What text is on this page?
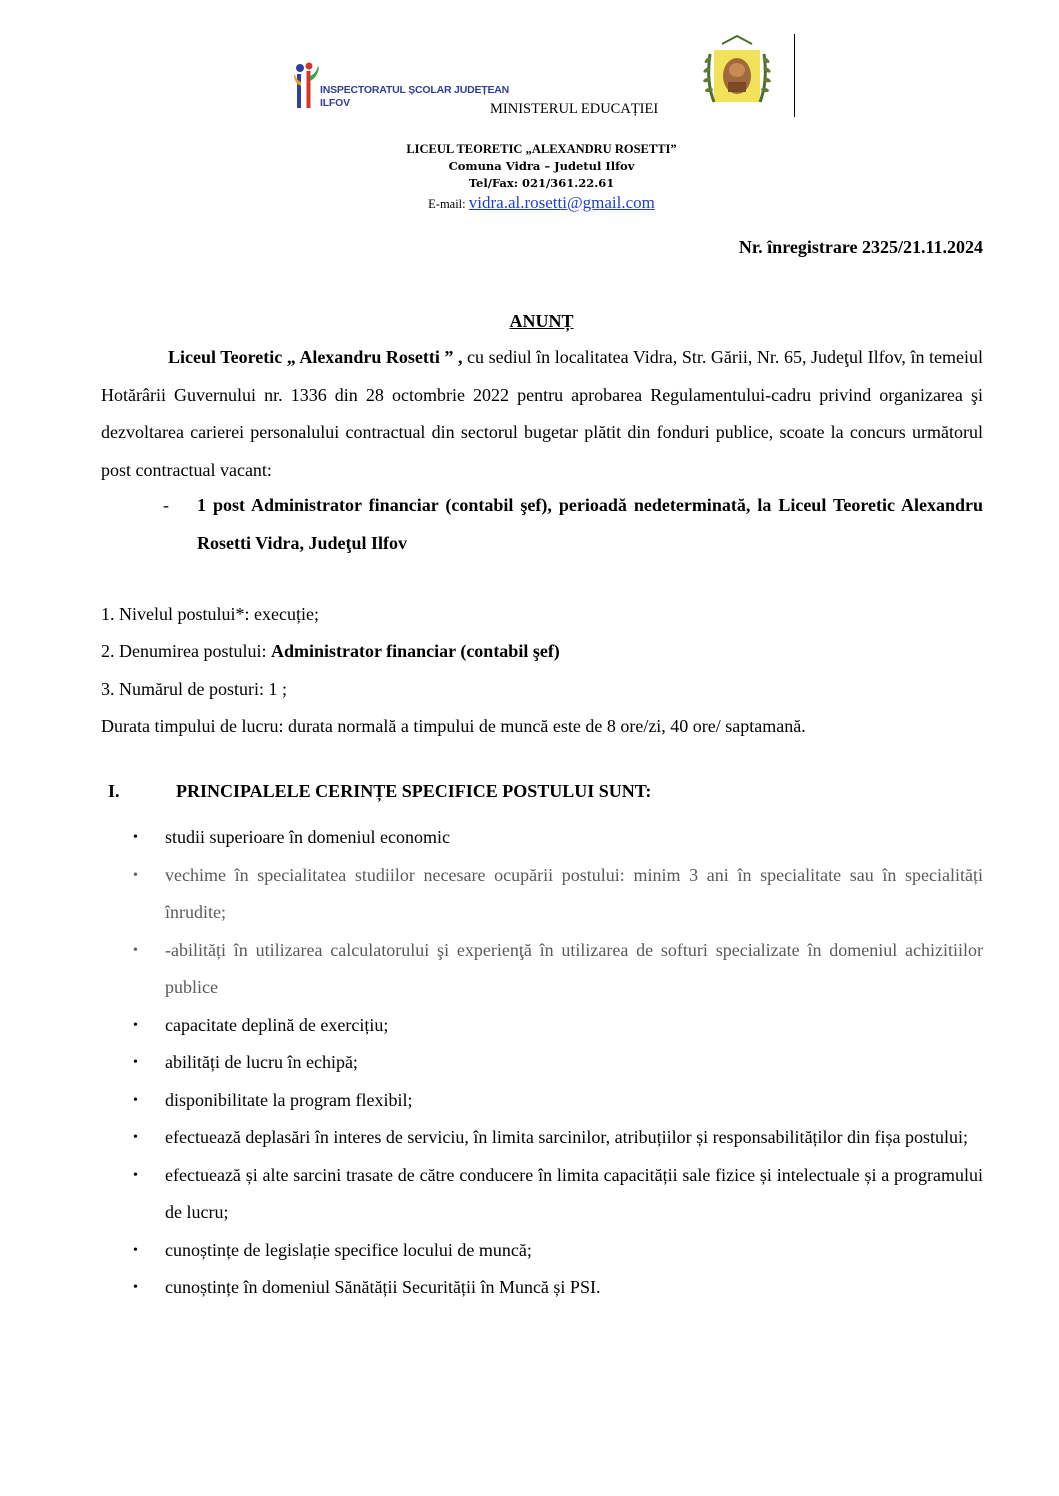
INSPECTORATUL ȘCOLAR JUDEȚEAN
ILFOV	MINISTERUL EDUCAȚIEI
LICEUL TEORETIC „ALEXANDRU ROSETTI”
Comuna Vidra – Judetul Ilfov
Tel/Fax: 021/361.22.61
E-mail: vidra.al.rosetti@gmail.com
Nr. înregistrare 2325/21.11.2024
ANUNȚ

Liceul Teoretic „ Alexandru Rosetti ” , cu sediul în localitatea Vidra, Str. Gării, Nr. 65, Judeţul Ilfov, în temeiul Hotărârii Guvernului nr. 1336 din 28 octombrie 2022 pentru aprobarea Regulamentului-cadru privind organizarea şi dezvoltarea carierei personalului contractual din sectorul bugetar plătit din fonduri publice, scoate la concurs următorul post contractual vacant:

- 1 post Administrator financiar (contabil şef), perioadă nedeterminată, la Liceul Teoretic Alexandru Rosetti Vidra, Judeţul Ilfov
1. Nivelul postului*: execuție;
2. Denumirea postului: Administrator financiar (contabil şef)
3. Numărul de posturi: 1 ;
Durata timpului de lucru: durata normală a timpului de muncă este de 8 ore/zi, 40 ore/ saptamană.
I.	PRINCIPALELE CERINȚE SPECIFICE POSTULUI SUNT:
• studii superioare în domeniul economic
• vechime în specialitatea studiilor necesare ocupării postului: minim 3 ani în specialitate sau în specialități înrudite;
• -abilități în utilizarea calculatorului şi experienţă în utilizarea de softuri specializate în domeniul achizitiilor publice
• capacitate deplină de exercițiu;
• abilități de lucru în echipă;
• disponibilitate la program flexibil;
• efectuează deplasări în interes de serviciu, în limita sarcinilor, atribuțiilor și responsabilităților din fișa postului;
• efectuează și alte sarcini trasate de către conducere în limita capacității sale fizice și intelectuale și a programului de lucru;
• cunoștințe de legislație specifice locului de muncă;
• cunoștințe în domeniul Sănătății Securității în Muncă și PSI.
